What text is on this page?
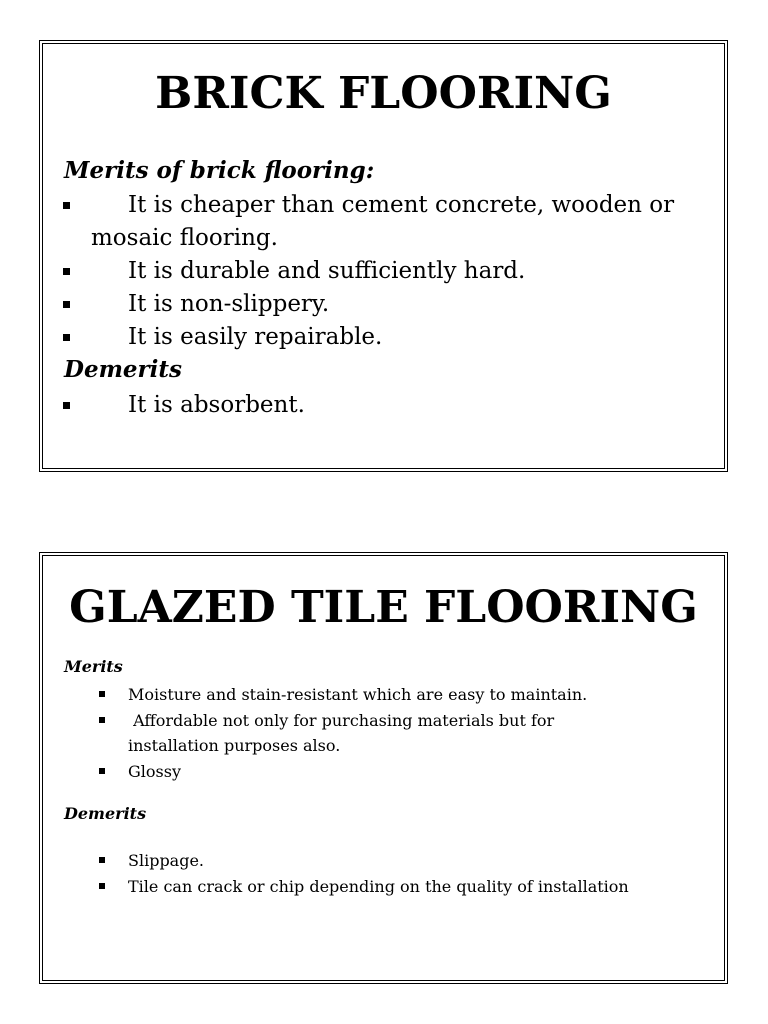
BRICK FLOORING

Merits of brick flooring:

It is cheaper than cement concrete, wooden or
mosaic flooring.
It is durable and sufficiently hard.
It is non-slippery.
It is easily repairable.

Demerits

It is absorbent.
GLAZED TILE FLOORING

Merits

Moisture and stain-resistant which are easy to maintain.
Affordable not only for purchasing materials but for
installation purposes also.
Glossy

Demerits

Slippage.
Tile can crack or chip depending on the quality of installation
